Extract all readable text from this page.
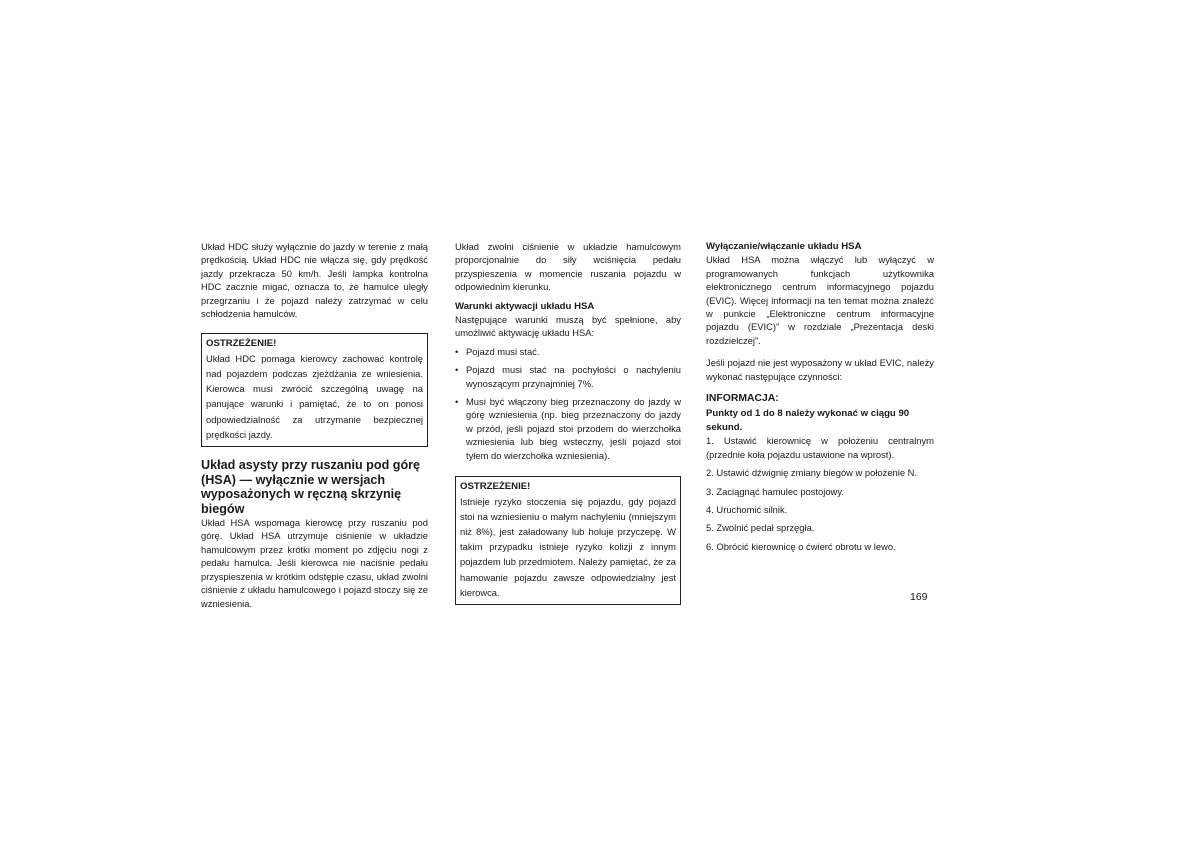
Układ HDC służy wyłącznie do jazdy w terenie z małą prędkością. Układ HDC nie włącza się, gdy prędkość jazdy przekracza 50 km/h. Jeśli lampka kontrolna HDC zacznie migać, oznacza to, że hamulce uległy przegrzaniu i że pojazd należy zatrzymać w celu schłodzenia hamulców.

OSTRZEŻENIE!
Układ HDC pomaga kierowcy zachować kontrolę nad pojazdem podczas zjeżdżania ze wniesienia. Kierowca musi zwrócić szczególną uwagę na panujące warunki i pamiętać, że to on ponosi odpowiedzialność za utrzymanie bezpiecznej prędkości jazdy.
Układ asysty przy ruszaniu pod górę (HSA) — wyłącznie w wersjach wyposażonych w ręczną skrzynię biegów

Układ HSA wspomaga kierowcę przy ruszaniu pod górę. Układ HSA utrzymuje ciśnienie w układzie hamulcowym przez krótki moment po zdjęciu nogi z pedału hamulca. Jeśli kierowca nie naciśnie pedału przyspieszenia w krótkim odstępie czasu, układ zwolni ciśnienie z układu hamulcowego i pojazd stoczy się ze wzniesienia.

Układ zwolni ciśnienie w układzie hamulcowym proporcjonalnie do siły wciśnięcia pedału przyspieszenia w momencie ruszania pojazdu w odpowiednim kierunku.

Warunki aktywacji układu HSA

Następujące warunki muszą być spełnione, aby umożliwić aktywację układu HSA:

• Pojazd musi stać.
• Pojazd musi stać na pochyłości o nachyleniu wynoszącym przynajmniej 7%.
• Musi być włączony bieg przeznaczony do jazdy w górę wzniesienia (np. bieg przeznaczony do jazdy w przód, jeśli pojazd stoi przodem do wierzchołka wzniesienia lub bieg wsteczny, jeśli pojazd stoi tyłem do wierzchołka wzniesienia).
OSTRZEŻENIE!
Istnieje ryzyko stoczenia się pojazdu, gdy pojazd stoi na wzniesieniu o małym nachyleniu (mniejszym niż 8%), jest załadowany lub holuje przyczepę. W takim przypadku istnieje ryzyko kolizji z innym pojazdem lub przedmiotem. Należy pamiętać, że za hamowanie pojazdu zawsze odpowiedzialny jest kierowca.
Wyłączanie/włączanie układu HSA

Układ HSA można włączyć lub wyłączyć w programowanych funkcjach użytkownika elektronicznego centrum informacyjnego pojazdu (EVIC). Więcej informacji na ten temat można znaleźć w punkcie „Elektroniczne centrum informacyjne pojazdu (EVIC)” w rozdziale „Prezentacja deski rozdzielczej”.

Jeśli pojazd nie jest wyposażony w układ EVIC, należy wykonać następujące czynności:

INFORMACJA:

Punkty od 1 do 8 należy wykonać w ciągu 90 sekund.

1. Ustawić kierownicę w położeniu centralnym (przednie koła pojazdu ustawione na wprost).
2. Ustawić dźwignię zmiany biegów w położenie N.
3. Zaciągnąć hamulec postojowy.
4. Uruchomić silnik.
5. Zwolnić pedał sprzęgła.
6. Obrócić kierownicę o ćwierć obrotu w lewo.
169
